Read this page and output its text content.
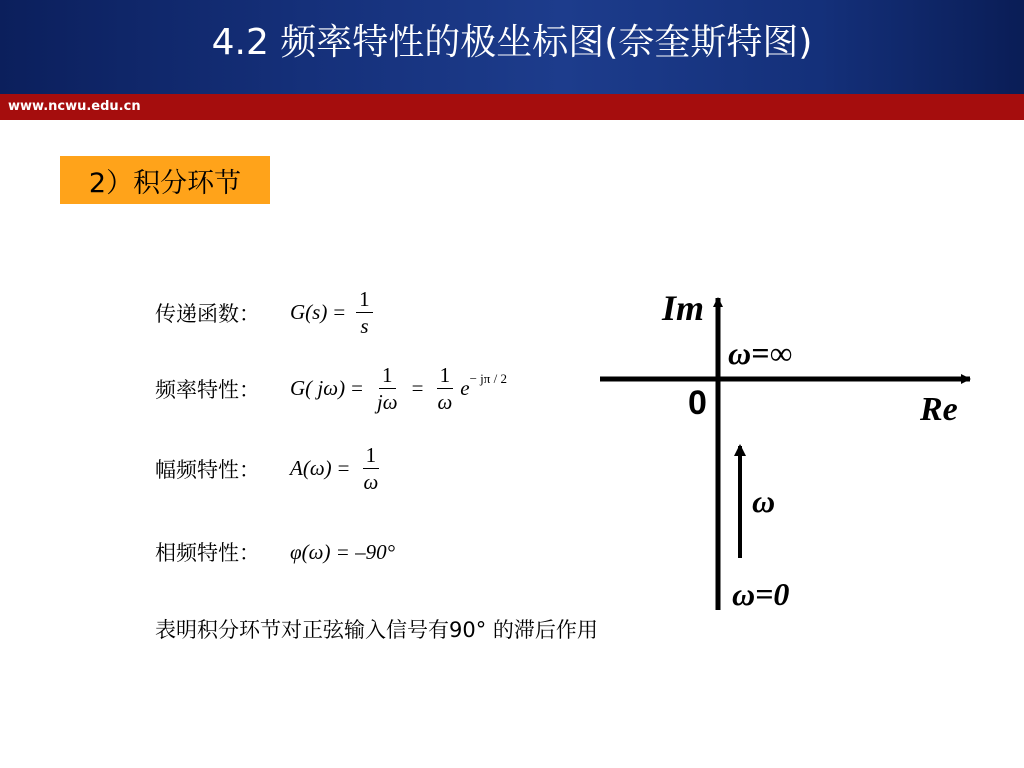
4.2 频率特性的极坐标图(奈奎斯特图)
www.ncwu.edu.cn
2）积分环节
传递函数：	$G(s) = \frac{1}{s}$
频率特性：	G( $j\omega) = \frac{1}{j\omega} = \frac{1}{\omega} e^{- j\pi / 2}$
幅频特性：	$A(\omega) = \frac{1}{\omega}$
相频特性：	φ(ω) = –90°
表明积分环节对正弦输入信号有90° 的滞后作用
Im
Re
0
ω=∞
ω
ω=0
